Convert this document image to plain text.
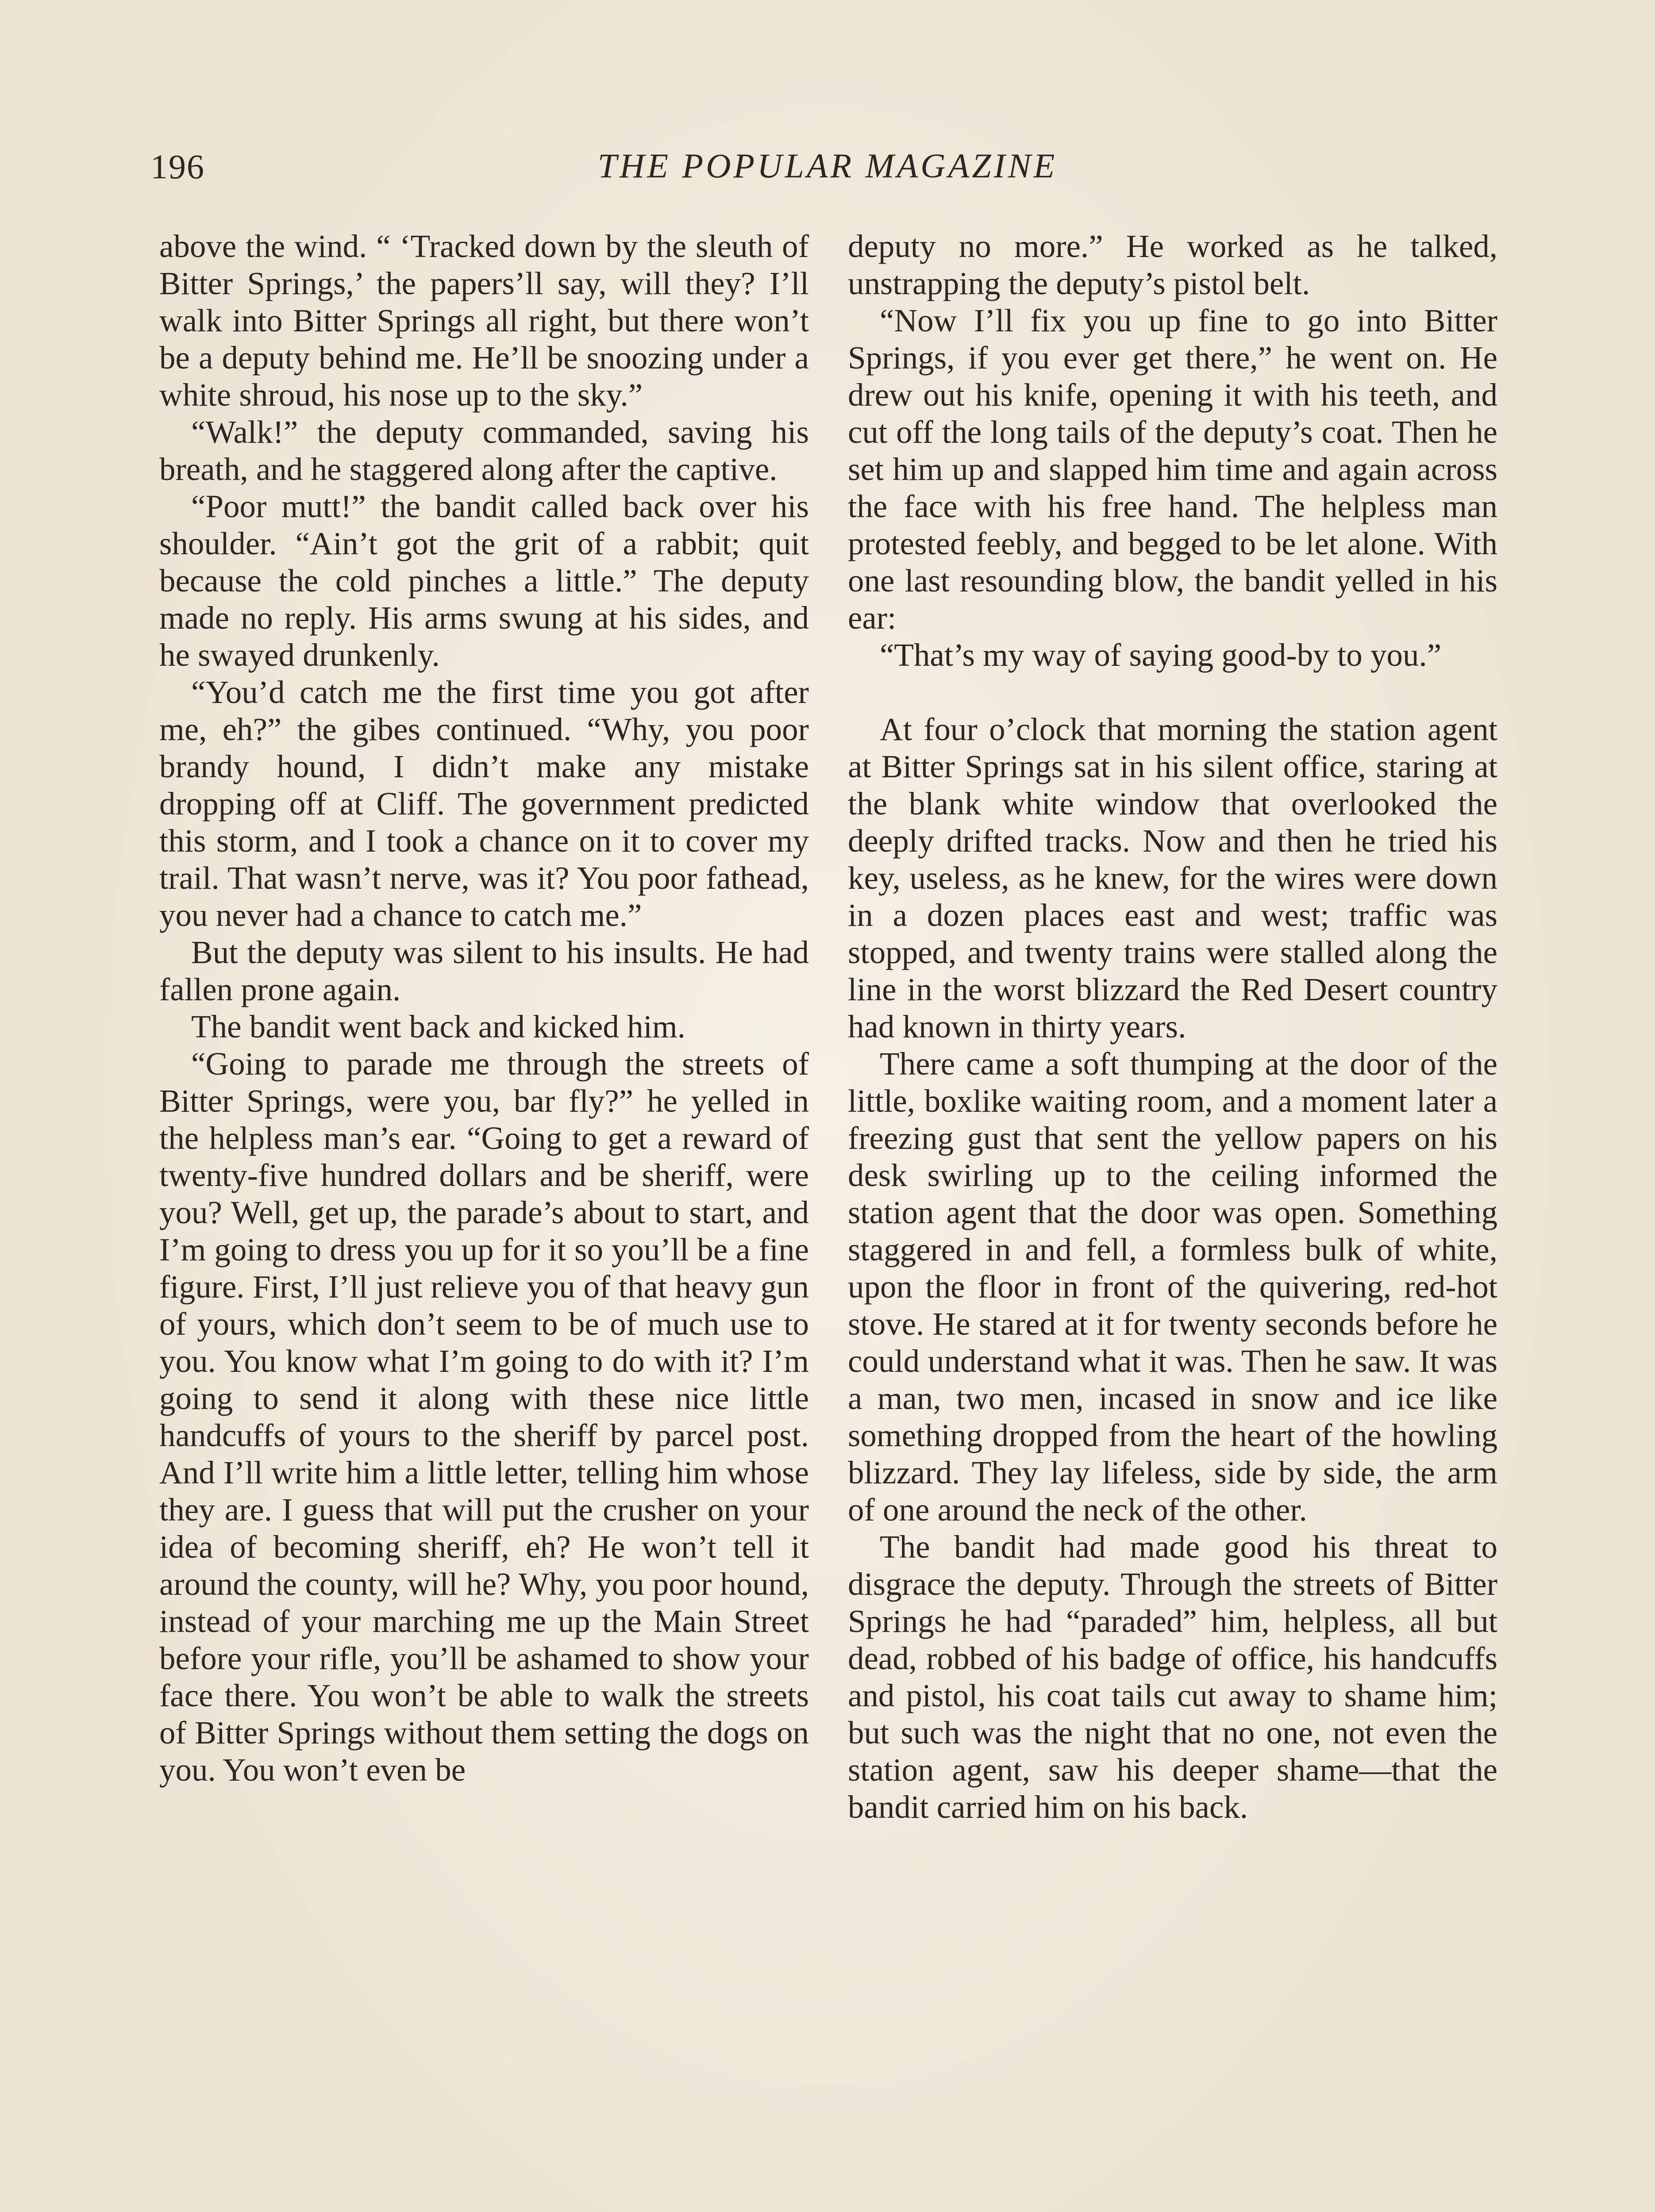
196	THE POPULAR MAGAZINE

above the wind. “ ‘Tracked down by the sleuth of Bitter Springs,’ the papers’ll say, will they? I’ll walk into Bitter Springs all right, but there won’t be a deputy behind me. He’ll be snoozing under a white shroud, his nose up to the sky.”

“Walk!” the deputy commanded, saving his breath, and he staggered along after the captive.

“Poor mutt!” the bandit called back over his shoulder. “Ain’t got the grit of a rabbit; quit because the cold pinches a little.” The deputy made no reply. His arms swung at his sides, and he swayed drunkenly.

“You’d catch me the first time you got after me, eh?” the gibes continued. “Why, you poor brandy hound, I didn’t make any mistake dropping off at Cliff. The government predicted this storm, and I took a chance on it to cover my trail. That wasn’t nerve, was it? You poor fathead, you never had a chance to catch me.”

But the deputy was silent to his insults. He had fallen prone again.

The bandit went back and kicked him.

“Going to parade me through the streets of Bitter Springs, were you, bar fly?” he yelled in the helpless man’s ear. “Going to get a reward of twenty-five hundred dollars and be sheriff, were you? Well, get up, the parade’s about to start, and I’m going to dress you up for it so you’ll be a fine figure. First, I’ll just relieve you of that heavy gun of yours, which don’t seem to be of much use to you. You know what I’m going to do with it? I’m going to send it along with these nice little handcuffs of yours to the sheriff by parcel post. And I’ll write him a little letter, telling him whose they are. I guess that will put the crusher on your idea of becoming sheriff, eh? He won’t tell it around the county, will he? Why, you poor hound, instead of your marching me up the Main Street before your rifle, you’ll be ashamed to show your face there. You won’t be able to walk the streets of Bitter Springs without them setting the dogs on you. You won’t even be

deputy no more.” He worked as he talked, unstrapping the deputy’s pistol belt.

“Now I’ll fix you up fine to go into Bitter Springs, if you ever get there,” he went on. He drew out his knife, opening it with his teeth, and cut off the long tails of the deputy’s coat. Then he set him up and slapped him time and again across the face with his free hand. The helpless man protested feebly, and begged to be let alone. With one last resounding blow, the bandit yelled in his ear:

“That’s my way of saying good-by to you.”

At four o’clock that morning the station agent at Bitter Springs sat in his silent office, staring at the blank white window that overlooked the deeply drifted tracks. Now and then he tried his key, useless, as he knew, for the wires were down in a dozen places east and west; traffic was stopped, and twenty trains were stalled along the line in the worst blizzard the Red Desert country had known in thirty years.

There came a soft thumping at the door of the little, boxlike waiting room, and a moment later a freezing gust that sent the yellow papers on his desk swirling up to the ceiling informed the station agent that the door was open. Something staggered in and fell, a formless bulk of white, upon the floor in front of the quivering, red-hot stove. He stared at it for twenty seconds before he could understand what it was. Then he saw. It was a man, two men, incased in snow and ice like something dropped from the heart of the howling blizzard. They lay lifeless, side by side, the arm of one around the neck of the other.

The bandit had made good his threat to disgrace the deputy. Through the streets of Bitter Springs he had “paraded” him, helpless, all but dead, robbed of his badge of office, his handcuffs and pistol, his coat tails cut away to shame him; but such was the night that no one, not even the station agent, saw his deeper shame—that the bandit carried him on his back.
